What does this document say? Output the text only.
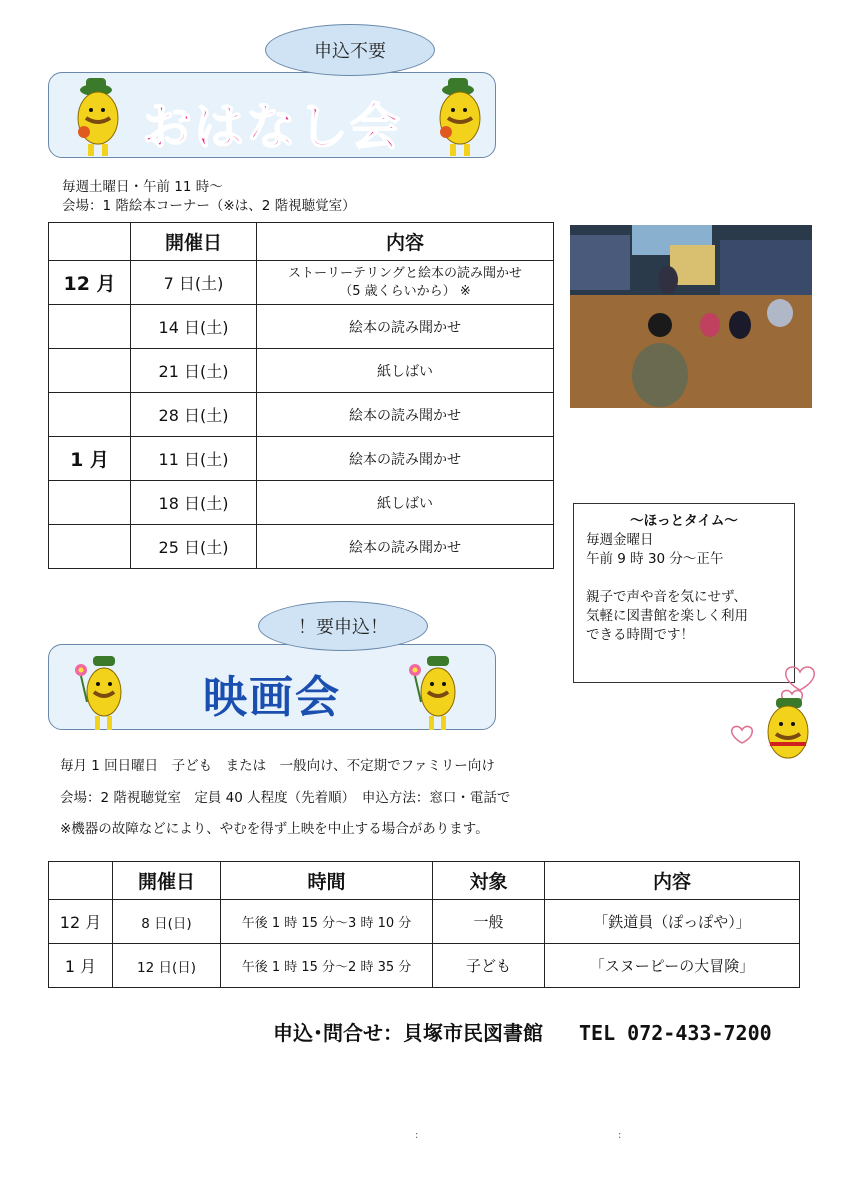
申込不要
おはなし会
毎週土曜日・午前 11 時～
会場：1 階絵本コーナー（※は、2 階視聴覚室）
	開催日	内容
12 月	7 日(土)	ストーリーテリングと絵本の読み聞かせ
（5 歳くらいから） ※

	14 日(土)	絵本の読み聞かせ
	21 日(土)	紙しばい
	28 日(土)	絵本の読み聞かせ
1 月	11 日(土)	絵本の読み聞かせ
	18 日(土)	紙しばい
	25 日(土)	絵本の読み聞かせ
～ほっとタイム～
毎週金曜日
午前 9 時 30 分～正午
親子で声や音を気にせず、
気軽に図書館を楽しく利用
できる時間です！
！要申込！
映画会
毎月 1 回日曜日　子ども　または　一般向け、不定期でファミリー向け
会場：2 階視聴覚室　定員 40 人程度（先着順）　申込方法：窓口・電話で
※機器の故障などにより、やむを得ず上映を中止する場合があります。
	開催日	時間	対象	内容
12 月	8 日(日)	午後 1 時 15 分～3 時 10 分	一般	「鉄道員（ぽっぽや）」
1 月	12 日(日)	午後 1 時 15 分～2 時 35 分	子ども	「スヌーピーの大冒険」
申込･問合せ：貝塚市民図書館 TEL 072-433-7200
:	:
